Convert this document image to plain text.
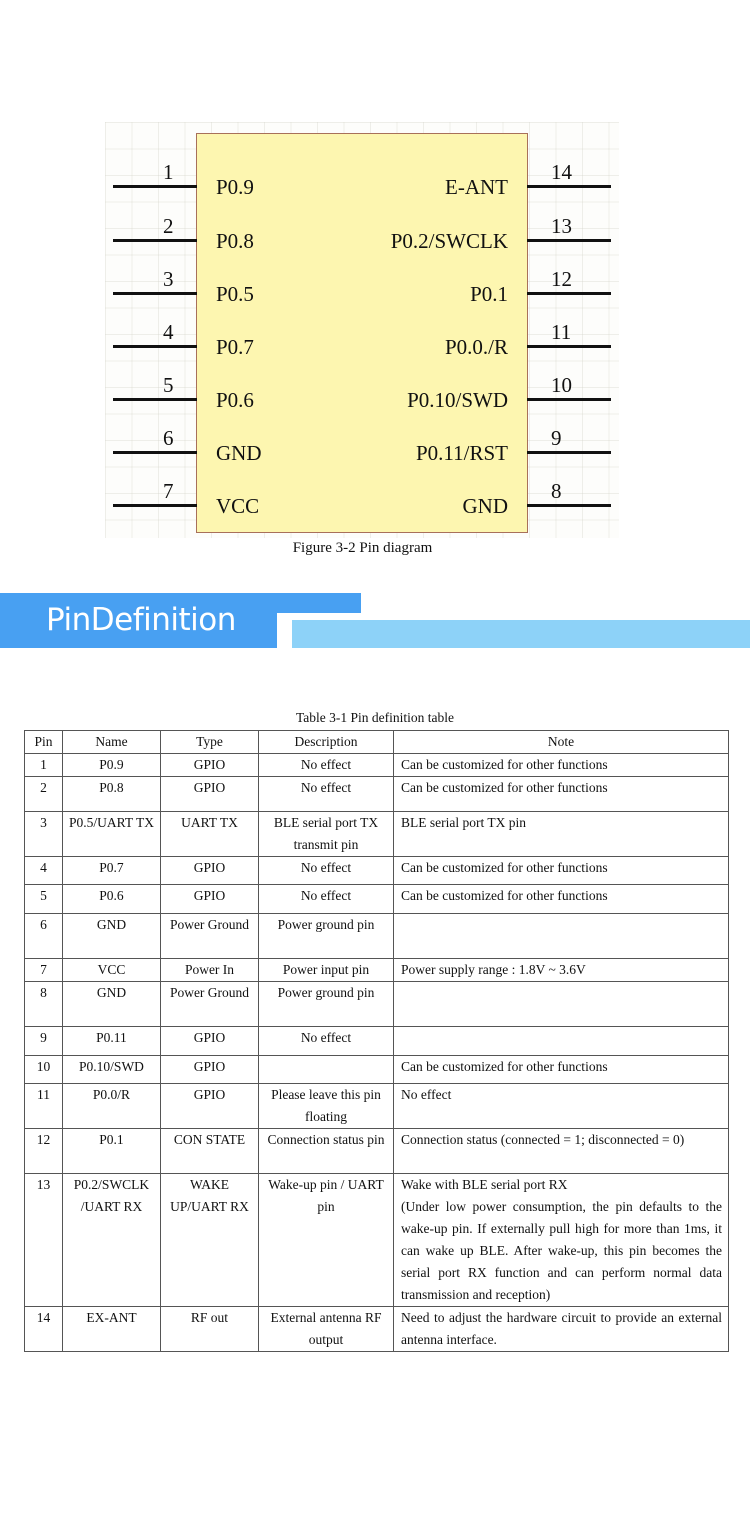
1
P0.9
2
P0.8
3
P0.5
4
P0.7
5
P0.6
6
GND
7
VCC
14
E-ANT
13
P0.2/SWCLK
12
P0.1
11
P0.0./R
10
P0.10/SWD
9
P0.11/RST
8
GND
Figure 3-2 Pin diagram
PinDefinition
Table 3-1 Pin definition table
Pin	Name	Type	Description	Note
1	P0.9	GPIO	No effect	Can be customized for other functions
2	P0.8	GPIO	No effect	Can be customized for other functions
3	P0.5/UART TX	UART TX	BLE serial port TX transmit pin	BLE serial port TX pin
4	P0.7	GPIO	No effect	Can be customized for other functions
5	P0.6	GPIO	No effect	Can be customized for other functions
6	GND	Power Ground	Power ground pin	
7	VCC	Power In	Power input pin	Power supply range : 1.8V ~ 3.6V
8	GND	Power Ground	Power ground pin	
9	P0.11	GPIO	No effect	
10	P0.10/SWD	GPIO		Can be customized for other functions
11	P0.0/R	GPIO	Please leave this pin floating	No effect
12	P0.1	CON STATE	Connection status pin	Connection status (connected = 1; disconnected = 0)
13	P0.2/SWCLK /UART RX	WAKE UP/UART RX	Wake-up pin / UART pin	Wake with BLE serial port RX
(Under low power consumption, the pin defaults to the wake-up pin. If externally pull high for more than 1ms, it can wake up BLE. After wake-up, this pin becomes the serial port RX function and can perform normal data transmission and reception)

14	EX-ANT	RF out	External antenna RF output	Need to adjust the hardware circuit to provide an external antenna interface.
